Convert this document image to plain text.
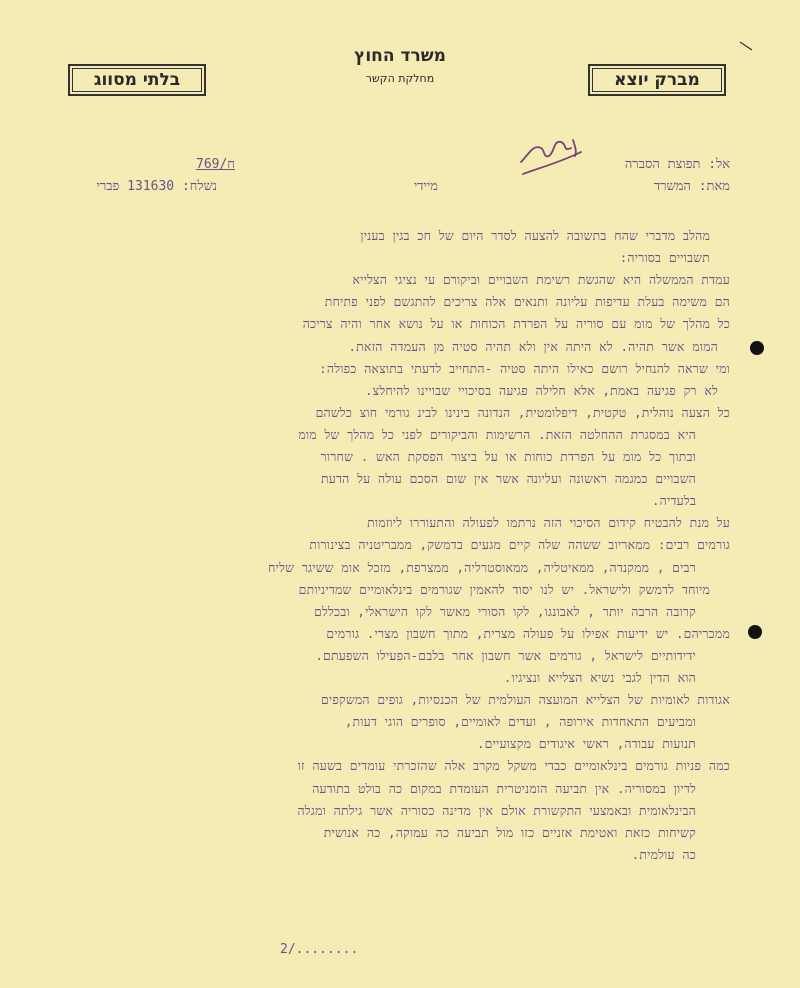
משרד החוץ
מחלקת הקשר
בלתי מסווג	מברק יוצא
ח/769	אל: תפוצת הסברה
מאת: המשרד
מיידי
נשלח: 131630 פברי
מהלב מדברי שהח בתשובה להצעה לסדר היום של חכ בגין בענין
תשבויים בסוריה:
עמדת הממשלה היא שהגשת רשימת השבויים וביקורם עי נציגי הצלייא
הם משימה בעלת עדיפות עליונה ותנאים אלה צריכים להתגשם לפני פתיחת
כל מהלך של מומ עם סוריה על הפרדת הכוחות או על נושא אחר והיה צריכה
המומ אשר תהיה. לא היתה אין ולא תהיה סטיה מן העמדה הזאת.
ומי שראה להנחיל רושם כאילו היתה סטיה -התחייב לדעתי בתוצאה כפולה:
לא רק פגיעה באמת, אלא חלילה פגיעה בסיכויי שבויינו להיחלצ.
כל הצעה נוהלית, טקטית, דיפלומטית, הנדונה בינינו לבינ גורמי חוצ כלשהם
היא במסגרת ההחלטה הזאת. הרשימות והביקורים לפני כל מהלך של מומ
ובתוך כל מומ על הפרדת כוחות או על ביצור הפסקת האש . שחרור
השבויים כמגמה ראשונה ועליונה אשר אין שום הסכם עולה על הדעת
בלעדיה.
על מנת להבטיח קידום הסיכוי הזה נרתמו לפעולה והתעוררו ליוזמות
גורמים רבים: ממאריוב ששהה שלה קיים מגעים בדמשק, ממבריטניה בצינורות
רבים , ממקנדה, ממאיטליה, ממאוסטרליה, ממצרפת, מזכל אומ ששיגר שליח
מיוחד לדמשק ולישראל. יש לנו יסוד להאמין שגורמים בינלאומיים שמדיניותם
קרובה הרבה יותר , לאבונגו, לקו הסורי מאשר לקו הישראלי, ובכללם
ממכריהם. יש ידיעות אפילו על פעולה מצרית, מתוך חשבון מצרי. גורמים
ידידותיים לישראל , גורמים אשר חשבון אחר בלבם-הפעילו השפעתם.
הוא הדין לגבי נשיא הצלייא ונציגיו.
אגודות לאומיות של הצלייא המועצה העולמית של הכנסיות, גופים המשקפים
ומביעים התאחדות אירופה , ועדים לאומיים, סופרים הוגי דעות,
תנועות עבודה, ראשי איגודים מקצועיים.
כמה פניות גורמים בינלאומיים כבדי משקל מקרב אלה שהזכרתי עומדים בשעה זו
לדיון במסוריה. אין תביעה הומניטרית העומדת במקום כה בולט בתודעה
הבינלאומית ובאמצעי התקשורת אולם אין מדינה כסוריה אשר גילתה ומגלה
קשיחות כזאת ואטימת אזניים כזו מול תביעה כה עמוקה, כה אנושית
כה עולמית.
2/........
